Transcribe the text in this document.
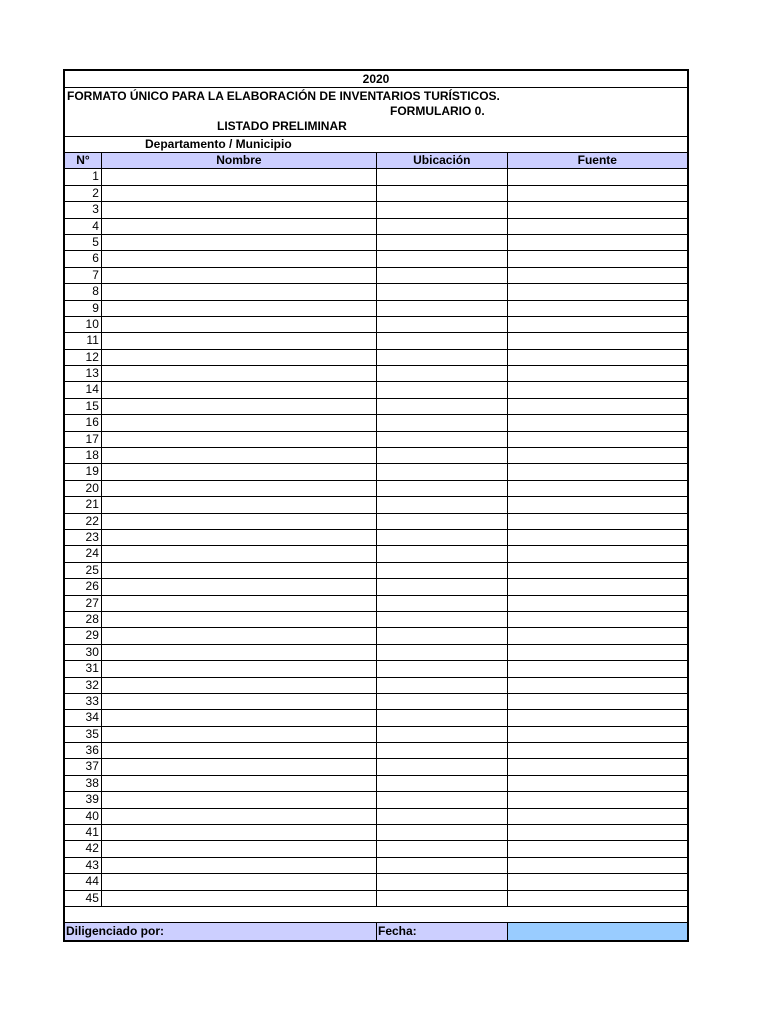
2020
FORMATO ÚNICO PARA LA ELABORACIÓN DE INVENTARIOS TURÍSTICOS.
FORMULARIO 0.
LISTADO PRELIMINAR
Departamento / Municipio
N°	Nombre	Ubicación	Fuente
1
2
3
4
5
6
7
8
9
10
11
12
13
14
15
16
17
18
19
20
21
22
23
24
25
26
27
28
29
30
31
32
33
34
35
36
37
38
39
40
41
42
43
44
45
Diligenciado por:	Fecha:
